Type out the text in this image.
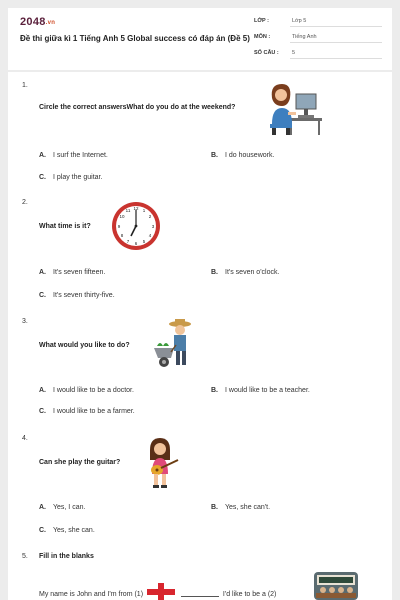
2048.vn
Đề thi giữa kì 1 Tiếng Anh 5 Global success có đáp án (Đề 5)
LỚP :	Lớp 5
MÔN :	Tiếng Anh
SỐ CÂU : 5
1.
Circle the correct answersWhat do you do at the weekend?
A. I surf the Internet.	B. I do housework.
C. I play the guitar.
2.
What time is it?
12 1
2
3
4
5
6
7
8
9
10
11
A. It's seven fifteen.	B. It's seven o'clock.
C. It's seven thirty-five.
3.
What would you like to do?
A. I would like to be a doctor.	B. I would like to be a teacher.
C. I would like to be a farmer.
4.
Can she play the guitar?
A. Yes, I can.	B. Yes, she can't.
C. Yes, she can.
5. Fill in the blanks
My name is John and I'm from (1)	I'd like to be a (2)
